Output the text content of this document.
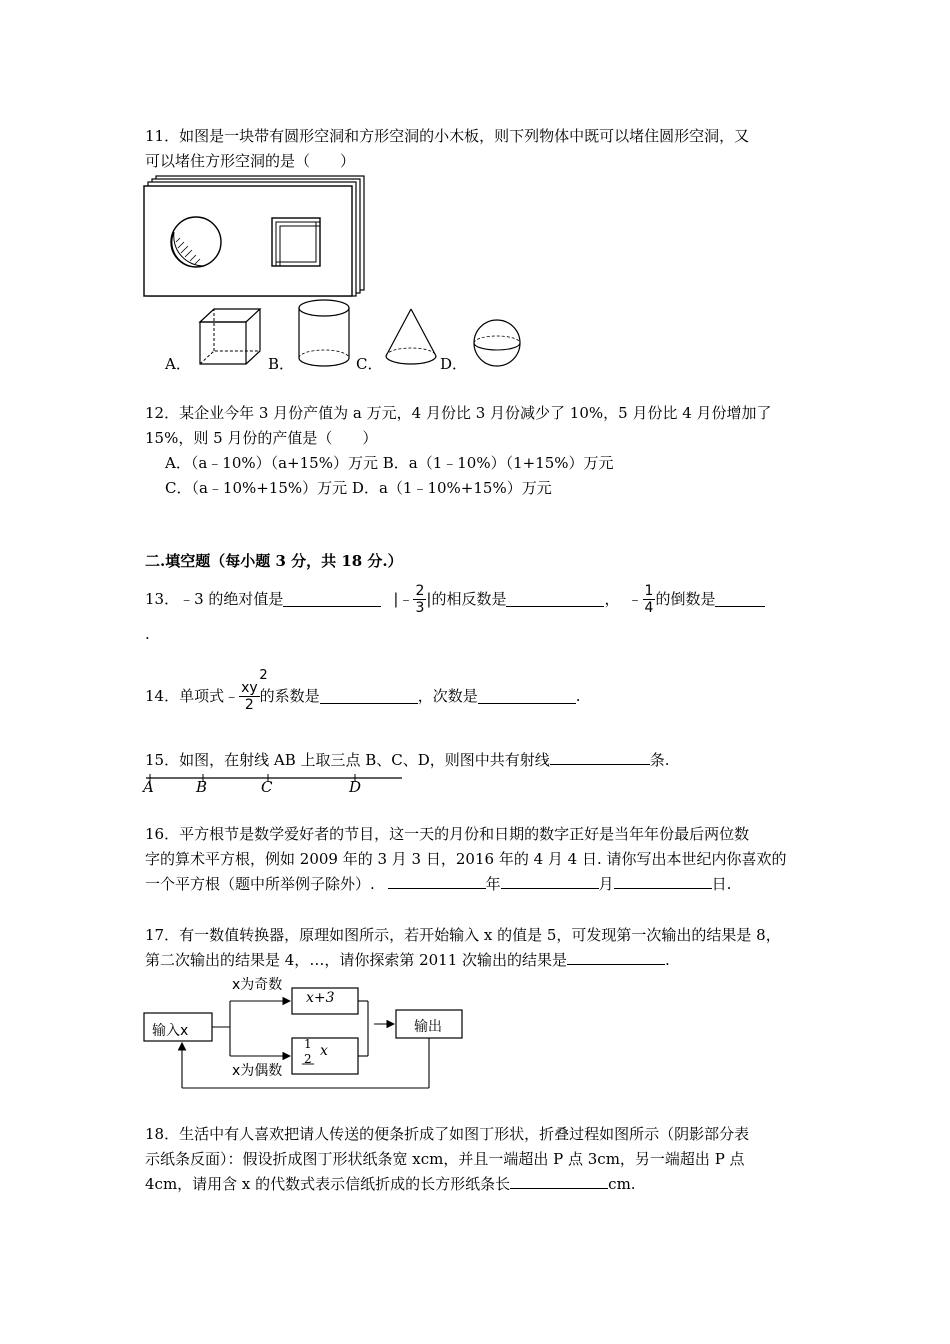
11．如图是一块带有圆形空洞和方形空洞的小木板，则下列物体中既可以堵住圆形空洞，又
可以堵住方形空洞的是（　　）
A．	B．	C．	D．
12．某企业今年 3 月份产值为 a 万元，4 月份比 3 月份减少了 10%，5 月份比 4 月份增加了
15%，则 5 月份的产值是（　　）
A．（a﹣10%）（a+15%）万元 B．a（1﹣10%）（1+15%）万元
C．（a﹣10%+15%）万元 D．a（1﹣10%+15%）万元
二.填空题（每小题 3 分，共 18 分.）
13．﹣3 的绝对值是	| ﹣ $\frac{2}{3}$ | 的相反数是	， ﹣ $\frac{1}{4}$ 的倒数是
.
14．单项式﹣ xy
2
2
的系数是	，次数是	.
15．如图，在射线 AB 上取三点 B、C、D，则图中共有射线	条.
A	B	C	D
16．平方根节是数学爱好者的节目，这一天的月份和日期的数字正好是当年年份最后两位数
字的算术平方根，例如 2009 年的 3 月 3 日，2016 年的 4 月 4 日. 请你写出本世纪内你喜欢的
一个平方根（题中所举例子除外）.	年	月	日.
17．有一数值转换器，原理如图所示，若开始输入 x 的值是 5，可发现第一次输出的结果是 8，
第二次输出的结果是 4，…，请你探索第 2011 次输出的结果是	.
输入x
x为奇数
x为偶数
x+3
1
2 x
输出
18．生活中有人喜欢把请人传送的便条折成了如图丁形状，折叠过程如图所示（阴影部分表
示纸条反面）：假设折成图丁形状纸条宽 xcm，并且一端超出 P 点 3cm，另一端超出 P 点
4cm，请用含 x 的代数式表示信纸折成的长方形纸条长	cm.
